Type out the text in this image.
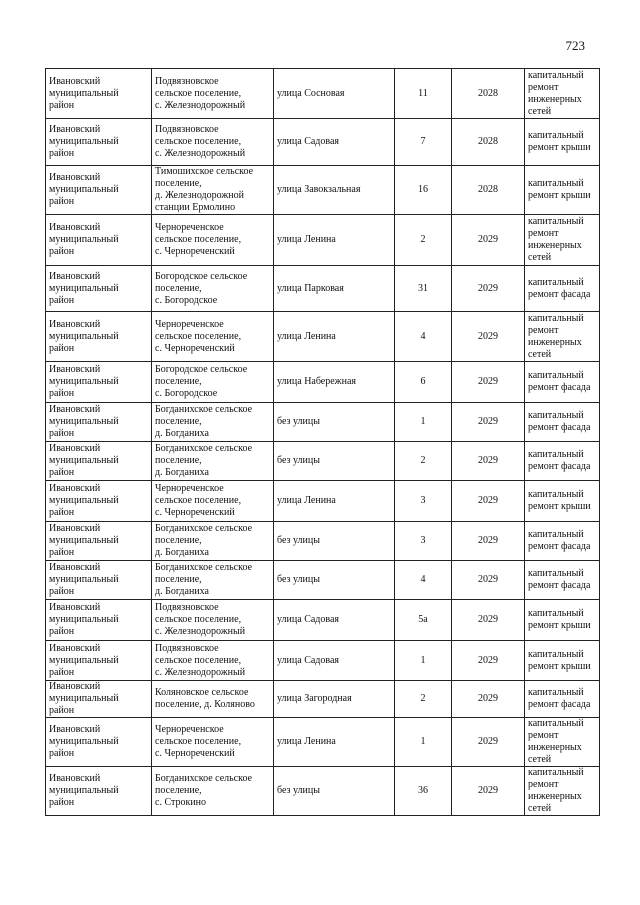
723
Ивановский
муниципальный
район	Подвязновское
сельское поселение,
с. Железнодорожный	улица Сосновая	11	2028	капитальный
ремонт
инженерных
сетей
Ивановский
муниципальный
район	Подвязновское
сельское поселение,
с. Железнодорожный	улица Садовая	7	2028	капитальный
ремонт крыши
Ивановский
муниципальный
район	Тимошихское сельское
поселение,
д. Железнодорожной
станции Ермолино	улица Завокзальная	16	2028	капитальный
ремонт крыши
Ивановский
муниципальный
район	Чернореченское
сельское поселение,
с. Чернореченский	улица Ленина	2	2029	капитальный
ремонт
инженерных
сетей
Ивановский
муниципальный
район	Богородское сельское
поселение,
с. Богородское	улица Парковая	31	2029	капитальный
ремонт фасада
Ивановский
муниципальный
район	Чернореченское
сельское поселение,
с. Чернореченский	улица Ленина	4	2029	капитальный
ремонт
инженерных
сетей
Ивановский
муниципальный
район	Богородское сельское
поселение,
с. Богородское	улица Набережная	6	2029	капитальный
ремонт фасада
Ивановский
муниципальный
район	Богданихское сельское
поселение,
д. Богданиха	без улицы	1	2029	капитальный
ремонт фасада
Ивановский
муниципальный
район	Богданихское сельское
поселение,
д. Богданиха	без улицы	2	2029	капитальный
ремонт фасада
Ивановский
муниципальный
район	Чернореченское
сельское поселение,
с. Чернореченский	улица Ленина	3	2029	капитальный
ремонт крыши
Ивановский
муниципальный
район	Богданихское сельское
поселение,
д. Богданиха	без улицы	3	2029	капитальный
ремонт фасада
Ивановский
муниципальный
район	Богданихское сельское
поселение,
д. Богданиха	без улицы	4	2029	капитальный
ремонт фасада
Ивановский
муниципальный
район	Подвязновское
сельское поселение,
с. Железнодорожный	улица Садовая	5а	2029	капитальный
ремонт крыши
Ивановский
муниципальный
район	Подвязновское
сельское поселение,
с. Железнодорожный	улица Садовая	1	2029	капитальный
ремонт крыши
Ивановский
муниципальный
район	Коляновское сельское
поселение, д. Коляново	улица Загородная	2	2029	капитальный
ремонт фасада
Ивановский
муниципальный
район	Чернореченское
сельское поселение,
с. Чернореченский	улица Ленина	1	2029	капитальный
ремонт
инженерных
сетей
Ивановский
муниципальный
район	Богданихское сельское
поселение,
с. Строкино	без улицы	36	2029	капитальный
ремонт
инженерных
сетей
